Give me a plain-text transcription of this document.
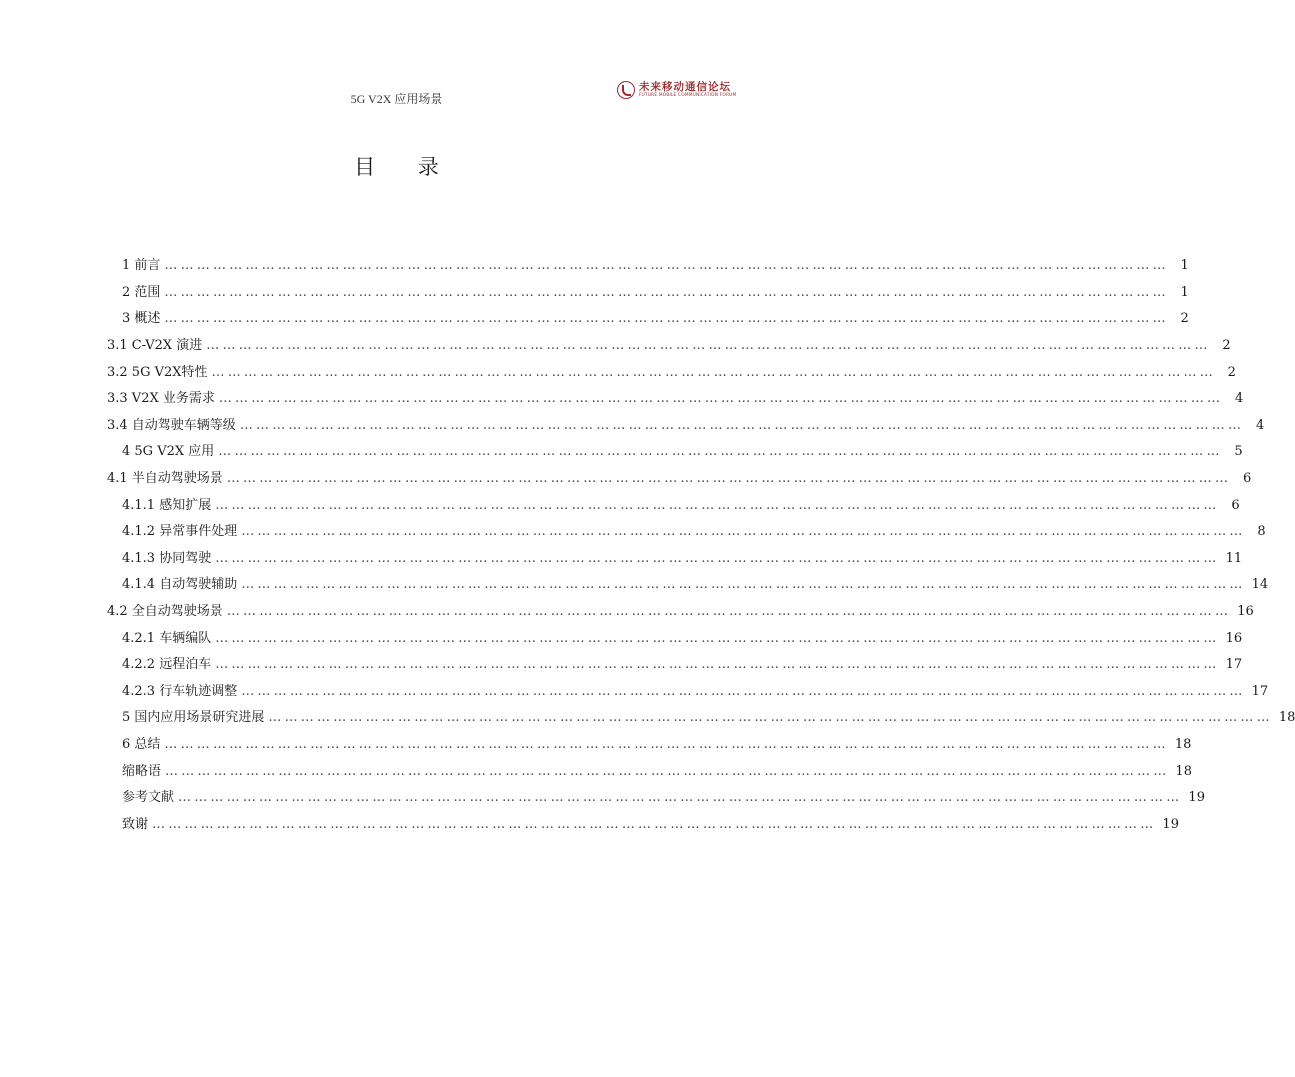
5G V2X 应用场景
未来移动通信论坛
FUTURE MOBILE COMMUNICATION FORUM
目 录
1 前言 …………………………………………………………………………………………………………………………………………………………………… 1
2 范围 …………………………………………………………………………………………………………………………………………………………………… 1
3 概述 …………………………………………………………………………………………………………………………………………………………………… 2
3.1 C-V2X 演进 …………………………………………………………………………………………………………………………………………………………………… 2
3.2 5G V2X特性 …………………………………………………………………………………………………………………………………………………………………… 2
3.3 V2X 业务需求 …………………………………………………………………………………………………………………………………………………………………… 4
3.4 自动驾驶车辆等级 …………………………………………………………………………………………………………………………………………………………………… 4
4 5G V2X 应用 …………………………………………………………………………………………………………………………………………………………………… 5
4.1 半自动驾驶场景 …………………………………………………………………………………………………………………………………………………………………… 6
4.1.1 感知扩展 …………………………………………………………………………………………………………………………………………………………………… 6
4.1.2 异常事件处理 …………………………………………………………………………………………………………………………………………………………………… 8
4.1.3 协同驾驶 …………………………………………………………………………………………………………………………………………………………………… 11
4.1.4 自动驾驶辅助 …………………………………………………………………………………………………………………………………………………………………… 14
4.2 全自动驾驶场景 …………………………………………………………………………………………………………………………………………………………………… 16
4.2.1 车辆编队 …………………………………………………………………………………………………………………………………………………………………… 16
4.2.2 远程泊车 …………………………………………………………………………………………………………………………………………………………………… 17
4.2.3 行车轨迹调整 …………………………………………………………………………………………………………………………………………………………………… 17
5 国内应用场景研究进展 …………………………………………………………………………………………………………………………………………………………………… 18
6 总结 …………………………………………………………………………………………………………………………………………………………………… 18
缩略语 …………………………………………………………………………………………………………………………………………………………………… 18
参考文献 …………………………………………………………………………………………………………………………………………………………………… 19
致谢 …………………………………………………………………………………………………………………………………………………………………… 19
